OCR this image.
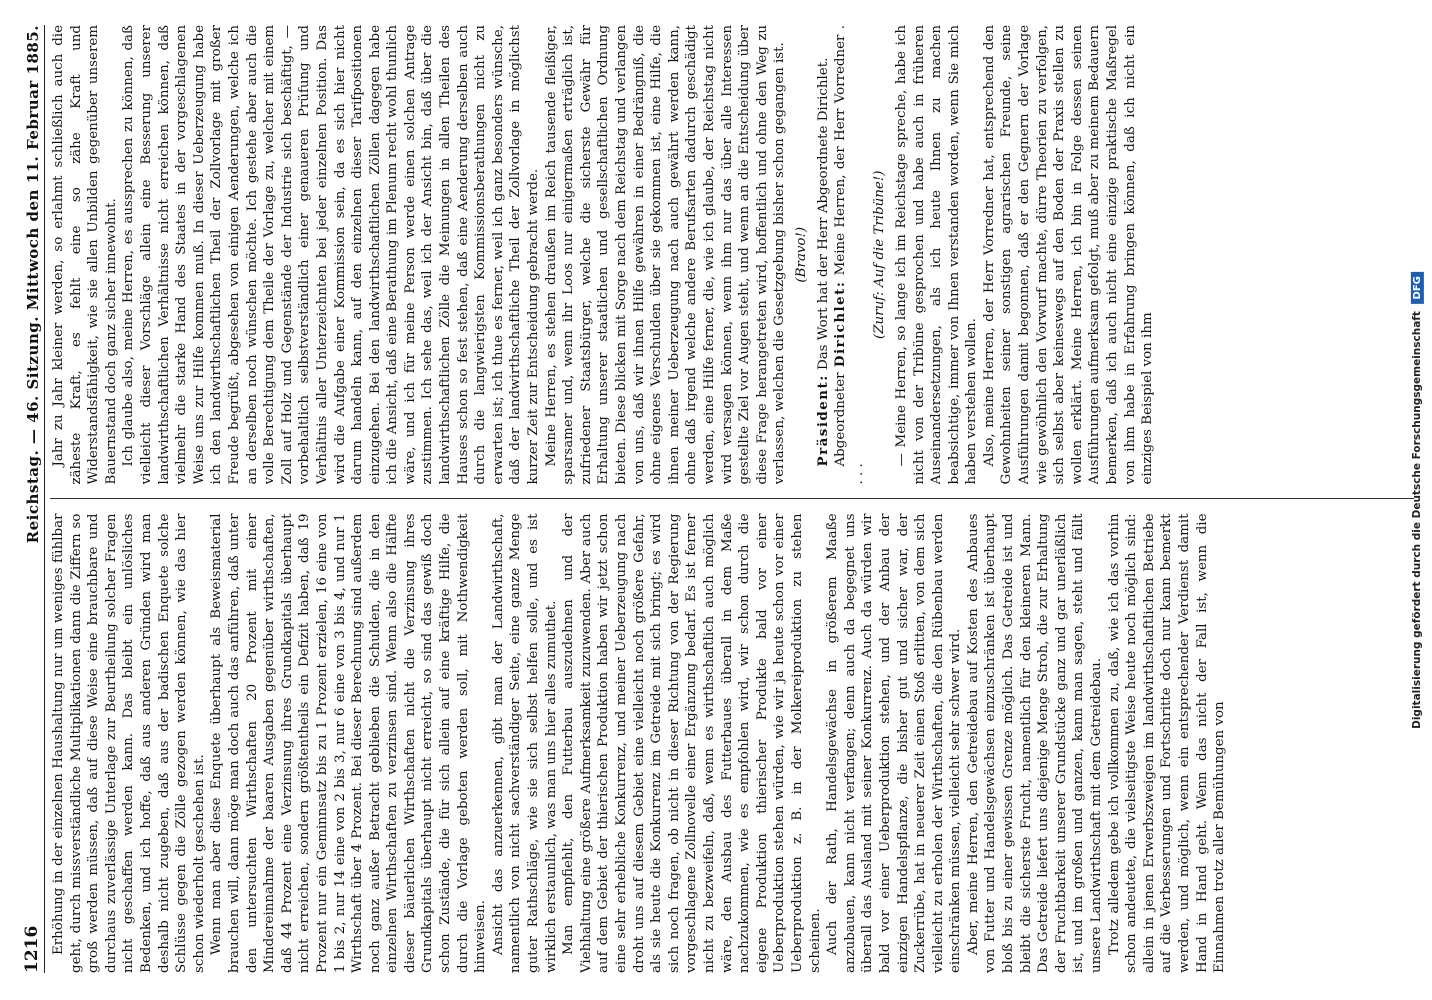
1216
Reichstag. — 46. Sitzung. Mittwoch den 11. Februar 1885.

Erhöhung in der einzelnen Haushaltung nur um weniges fühlbar geht, durch missverständliche Multiplikationen dann die Ziffern so groß werden müssen, daß auf diese Weise eine brauchbare und durchaus zuverlässige Unterlage zur Beurtheilung solcher Fragen nicht geschaffen werden kann. Das bleibt ein unlösliches Bedenken, und ich hoffe, daß aus anderen Gründen wird man deshalb nicht zugeben, daß aus der badischen Enquete solche Schlüsse gegen die Zölle gezogen werden können, wie das hier schon wiederholt geschehen ist. Wenn man aber diese Enquete überhaupt als Beweismaterial brauchen will, dann möge man doch auch das anführen, daß unter den untersuchten Wirthschaften 20 Prozent mit einer Mindereinnahme der baaren Ausgaben gegenüber wirthschaften, daß 44 Prozent eine Verzinsung ihres Grundkapitals überhaupt nicht erreichen, sondern größtentheils ein Defizit haben, daß 19 Prozent nur ein Geminnsatz bis zu 1 Prozent erzielen, 16 eine von 1 bis 2, nur 14 eine von 2 bis 3, nur 6 eine von 3 bis 4, und nur 1 Wirthschaft über 4 Prozent. Bei dieser Berechnung sind außerdem noch ganz außer Betracht geblieben die Schulden, die in den einzelnen Wirthschaften zu verzinsen sind. Wenn also die Hälfte dieser bäuerlichen Wirthschaften nicht die Verzinsung ihres Grundkapitals überhaupt nicht erreicht, so sind das gewiß doch schon Zustände, die für sich allein auf eine kräftige Hilfe, die durch die Vorlage geboten werden soll, mit Nothwendigkeit hinweisen. Ansicht das anzuerkennen, gibt man der Landwirthschaft, namentlich von nicht sachverständiger Seite, eine ganze Menge guter Rathschläge, wie sie sich selbst helfen solle, und es ist wirklich erstaunlich, was man uns hier alles zumuthet. Man empfiehlt, den Futterbau auszudehnen und der Viehhaltung eine größere Aufmerksamkeit zuzuwenden. Aber auch auf dem Gebiet der thierischen Produktion haben wir jetzt schon eine sehr erhebliche Konkurrenz, und meiner Ueberzeugung nach droht uns auf diesem Gebiet eine vielleicht noch größere Gefahr, als sie heute die Konkurrenz im Getreide mit sich bringt; es wird sich noch fragen, ob nicht in dieser Richtung von der Regierung vorgeschlagene Zollnovelle einer Ergänzung bedarf. Es ist ferner nicht zu bezweifeln, daß, wenn es wirthschaftlich auch möglich wäre, den Ausbau des Futterbaues überall in dem Maße nachzukommen, wie es empfohlen wird, wir schon durch die eigene Produktion thierischer Produkte bald vor einer Ueberproduktion stehen würden, wie wir ja heute schon vor einer Ueberproduktion z. B. in der Molkereiproduktion zu stehen scheinen. Auch der Rath, Handelsgewächse in größerem Maaße anzubauen, kann nicht verfangen; denn auch da begegnet uns überall das Ausland mit seiner Konkurrenz. Auch da würden wir bald vor einer Ueberproduktion stehen, und der Anbau der einzigen Handelspflanze, die bisher gut und sicher war, der Zuckerrübe, hat in neuerer Zeit einen Stoß erlitten, von dem sich vielleicht zu erholen der Wirthschaften, die den Rübenbau werden einschränken müssen, vielleicht sehr schwer wird. Aber, meine Herren, den Getreidebau auf Kosten des Anbaues von Futter und Handelsgewächsen einzuschränken ist überhaupt bloß bis zu einer gewissen Grenze möglich. Das Getreide ist und bleibt die sicherste Frucht, namentlich für den kleineren Mann. Das Getreide liefert uns diejenige Menge Stroh, die zur Erhaltung der Fruchtbarkeit unserer Grundstücke ganz und gar unerläßlich ist, und im großen und ganzen, kann man sagen, steht und fällt unsere Landwirthschaft mit dem Getreidebau. Trotz alledem gebe ich vollkommen zu, daß, wie ich das vorhin schon andeutete, die vielseitigste Weise heute noch möglich sind: allein in jenen Erwerbszweigen im landwirthschaftlichen Betriebe auf die Verbesserungen und Fortschritte doch nur kann bemerkt werden, und möglich, wenn ein entsprechender Verdienst damit Hand in Hand geht. Wenn das nicht der Fall ist, wenn die Einnahmen trotz aller Bemühungen von

Jahr zu Jahr kleiner werden, so erlahmt schließlich auch die zäheste Kraft, es fehlt eine so zähe Kraft und Widerstandsfähigkeit, wie sie allen Unbilden gegenüber unserem Bauernstand doch ganz sicher innewohnt. Ich glaube also, meine Herren, es aussprechen zu können, daß vielleicht dieser Vorschläge allein eine Besserung unserer landwirthschaftlichen Verhältnisse nicht erreichen können, daß vielmehr die starke Hand des Staates in der vorgeschlagenen Weise uns zur Hilfe kommen muß. In dieser Ueberzeugung habe ich den landwirthschaftlichen Theil der Zollvorlage mit großer Freude begrüßt, abgesehen von einigen Aenderungen, welche ich an derselben noch wünschen möchte. Ich gestehe aber auch die volle Berechtigung dem Theile der Vorlage zu, welcher mit einem Zoll auf Holz und Gegenstände der Industrie sich beschäftigt, — vorbehaltlich selbstverständlich einer genaueren Prüfung und Verhältnis aller Unterzeichnten bei jeder einzelnen Position. Das wird die Aufgabe einer Kommission sein, da es sich hier nicht darum handeln kann, auf den einzelnen dieser Tarifpositionen einzugehen. Bei den landwirthschaftlichen Zöllen dagegen habe ich die Ansicht, daß eine Berathung im Plenum recht wohl thunlich wäre, und ich für meine Person werde einen solchen Antrage zustimmen. Ich sehe das, weil ich der Ansicht bin, daß über die landwirthschaftlichen Zölle die Meinungen in allen Theilen des Hauses schon so fest stehen, daß eine Aenderung derselben auch durch die langwierigsten Kommissionsberathungen nicht zu erwarten ist; ich thue es ferner, weil ich ganz besonders wünsche, daß der landwirthschaftliche Theil der Zollvorlage in möglichst kurzer Zeit zur Entscheidung gebracht werde. Meine Herren, es stehen draußen im Reich tausende fleißiger, sparsamer und, wenn ihr Loos nur einigermaßen erträglich ist, zufriedener Staatsbürger, welche die sicherste Gewähr für Erhaltung unserer staatlichen und gesellschaftlichen Ordnung bieten. Diese blicken mit Sorge nach dem Reichstag und verlangen von uns, daß wir ihnen Hilfe gewähren in einer Bedrängniß, die ohne eigenes Verschulden über sie gekommen ist, eine Hilfe, die ihnen meiner Ueberzeugung nach auch gewährt werden kann, ohne daß irgend welche andere Berufsarten dadurch geschädigt werden, eine Hilfe ferner, die, wie ich glaube, der Reichstag nicht wird versagen können, wenn ihm nur das über alle Interessen gestellte Ziel vor Augen steht, und wenn an die Entscheidung über diese Frage herangetreten wird, hoffentlich und ohne den Weg zu verlassen, welchen die Gesetzgebung bisher schon gegangen ist. (Bravo!)

Präsident: Das Wort hat der Herr Abgeordnete Dirichlet.

Abgeordneter Dirichlet: Meine Herren, der Herr Vorredner . . . .

(Zuruf: Auf die Tribüne!) — Meine Herren, so lange ich im Reichstage spreche, habe ich nicht von der Tribüne gesprochen und habe auch in früheren Auseinandersetzungen, als ich heute Ihnen zu machen beabsichtige, immer von Ihnen verstanden worden, wenn Sie mich haben verstehen wollen. Also, meine Herren, der Herr Vorredner hat, entsprechend den Gewohnheiten seiner sonstigen agrarischen Freunde, seine Ausführungen damit begonnen, daß er den Gegnern der Vorlage wie gewöhnlich den Vorwurf machte, dürre Theorien zu verfolgen, sich selbst aber keineswegs auf den Boden der Praxis stellen zu wollen erklärt. Meine Herren, ich bin in Folge dessen seinen Ausführungen aufmerksam gefolgt, muß aber zu meinem Bedauern bemerken, daß ich auch nicht eine einzige praktische Maßregel von ihm habe in Erfahrung bringen können, daß ich nicht ein einziges Beispiel von ihm	Digitalisierung gefördert durch die Deutsche Forschungsgemeinschaft DFG
